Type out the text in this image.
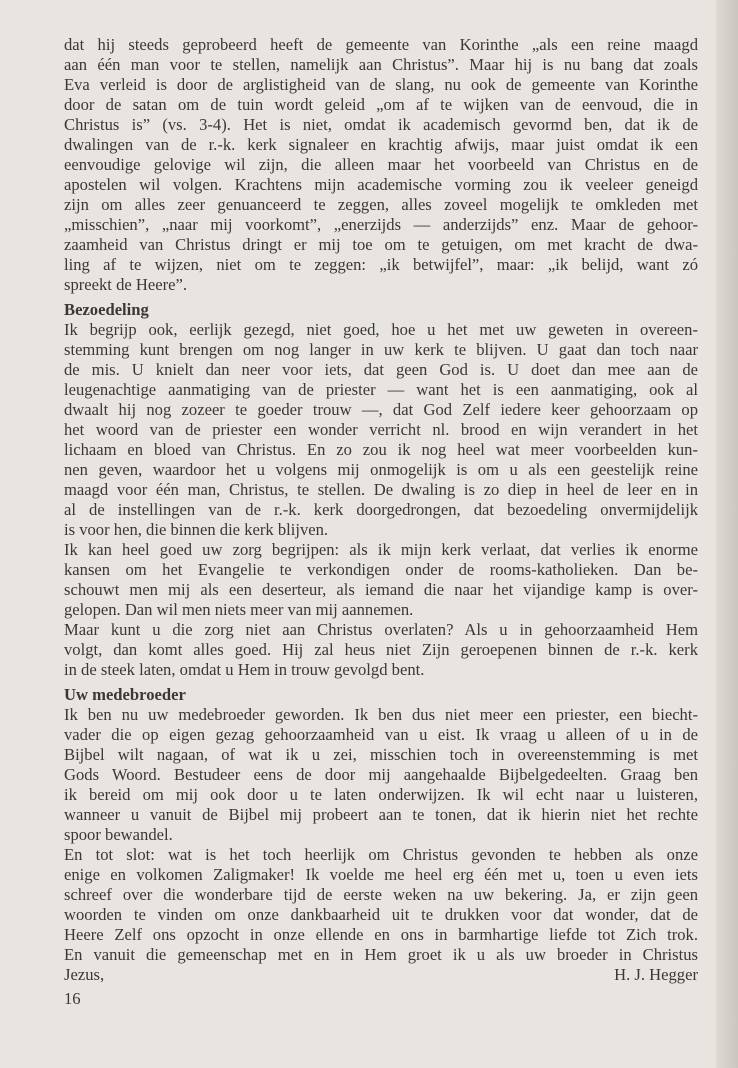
dat hij steeds geprobeerd heeft de gemeente van Korinthe „als een reine maagd
aan één man voor te stellen, namelijk aan Christus”. Maar hij is nu bang dat zoals
Eva verleid is door de arglistigheid van de slang, nu ook de gemeente van Korinthe
door de satan om de tuin wordt geleid „om af te wijken van de eenvoud, die in
Christus is” (vs. 3-4). Het is niet, omdat ik academisch gevormd ben, dat ik de
dwalingen van de r.-k. kerk signaleer en krachtig afwijs, maar juist omdat ik een
eenvoudige gelovige wil zijn, die alleen maar het voorbeeld van Christus en de
apostelen wil volgen. Krachtens mijn academische vorming zou ik veeleer geneigd
zijn om alles zeer genuanceerd te zeggen, alles zoveel mogelijk te omkleden met
„misschien”, „naar mij voorkomt”, „enerzijds — anderzijds” enz. Maar de gehoor-
zaamheid van Christus dringt er mij toe om te getuigen, om met kracht de dwa-
ling af te wijzen, niet om te zeggen: „ik betwijfel”, maar: „ik belijd, want zó
spreekt de Heere”.
Bezoedeling
Ik begrijp ook, eerlijk gezegd, niet goed, hoe u het met uw geweten in overeen-
stemming kunt brengen om nog langer in uw kerk te blijven. U gaat dan toch naar
de mis. U knielt dan neer voor iets, dat geen God is. U doet dan mee aan de
leugenachtige aanmatiging van de priester — want het is een aanmatiging, ook al
dwaalt hij nog zozeer te goeder trouw —, dat God Zelf iedere keer gehoorzaam op
het woord van de priester een wonder verricht nl. brood en wijn verandert in het
lichaam en bloed van Christus. En zo zou ik nog heel wat meer voorbeelden kun-
nen geven, waardoor het u volgens mij onmogelijk is om u als een geestelijk reine
maagd voor één man, Christus, te stellen. De dwaling is zo diep in heel de leer en in
al de instellingen van de r.-k. kerk doorgedrongen, dat bezoedeling onvermijdelijk
is voor hen, die binnen die kerk blijven.
Ik kan heel goed uw zorg begrijpen: als ik mijn kerk verlaat, dat verlies ik enorme
kansen om het Evangelie te verkondigen onder de rooms-katholieken. Dan be-
schouwt men mij als een deserteur, als iemand die naar het vijandige kamp is over-
gelopen. Dan wil men niets meer van mij aannemen.
Maar kunt u die zorg niet aan Christus overlaten? Als u in gehoorzaamheid Hem
volgt, dan komt alles goed. Hij zal heus niet Zijn geroepenen binnen de r.-k. kerk
in de steek laten, omdat u Hem in trouw gevolgd bent.
Uw medebroeder
Ik ben nu uw medebroeder geworden. Ik ben dus niet meer een priester, een biecht-
vader die op eigen gezag gehoorzaamheid van u eist. Ik vraag u alleen of u in de
Bijbel wilt nagaan, of wat ik u zei, misschien toch in overeenstemming is met
Gods Woord. Bestudeer eens de door mij aangehaalde Bijbelgedeelten. Graag ben
ik bereid om mij ook door u te laten onderwijzen. Ik wil echt naar u luisteren,
wanneer u vanuit de Bijbel mij probeert aan te tonen, dat ik hierin niet het rechte
spoor bewandel.
En tot slot: wat is het toch heerlijk om Christus gevonden te hebben als onze
enige en volkomen Zaligmaker! Ik voelde me heel erg één met u, toen u even iets
schreef over die wonderbare tijd de eerste weken na uw bekering. Ja, er zijn geen
woorden te vinden om onze dankbaarheid uit te drukken voor dat wonder, dat de
Heere Zelf ons opzocht in onze ellende en ons in barmhartige liefde tot Zich trok.
En vanuit die gemeenschap met en in Hem groet ik u als uw broeder in Christus
Jezus,	H. J. Hegger
16
